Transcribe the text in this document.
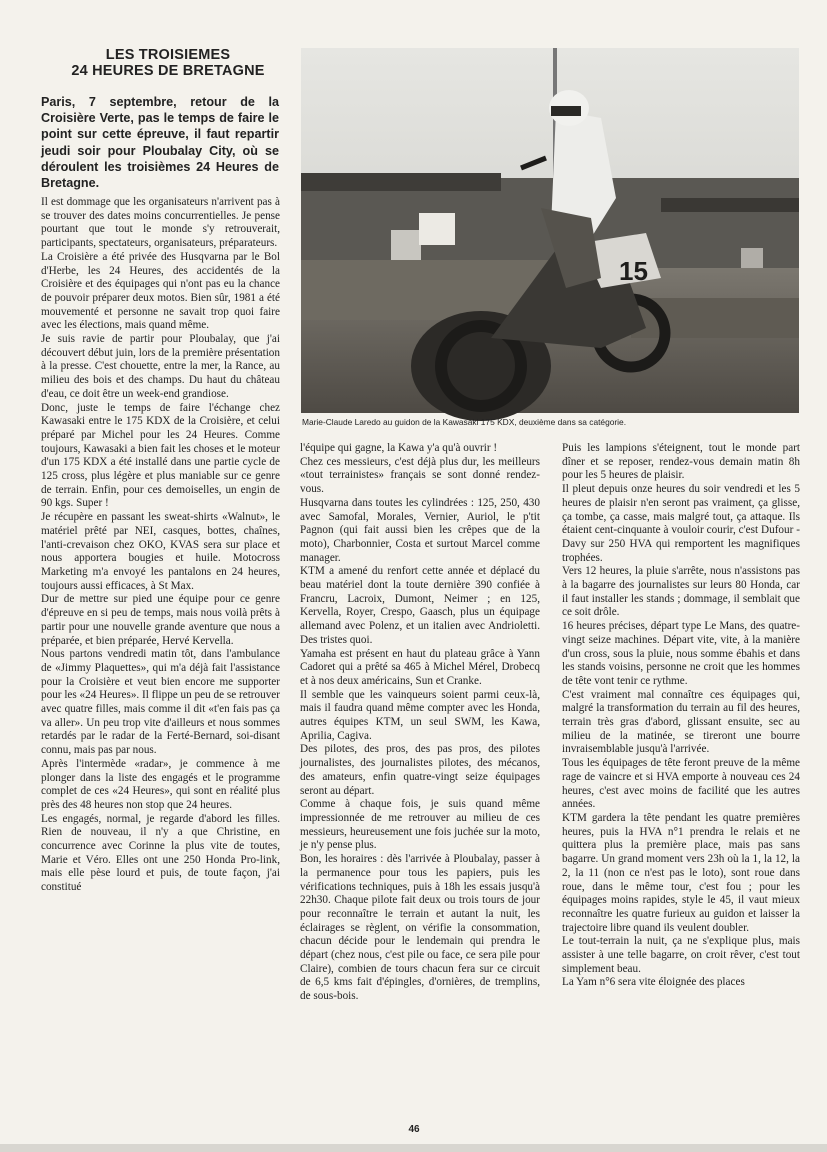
LES TROISIEMES
24 HEURES DE BRETAGNE
Paris, 7 septembre, retour de la Croisière Verte, pas le temps de faire le point sur cette épreuve, il faut repartir jeudi soir pour Ploubalay City, où se déroulent les troisièmes 24 Heures de Bretagne.
15
Marie-Claude Laredo au guidon de la Kawasaki 175 KDX, deuxième dans sa catégorie.

Il est dommage que les organisateurs n'arrivent pas à se trouver des dates moins concurrentielles. Je pense pourtant que tout le monde s'y retrouverait, participants, spectateurs, organisateurs, préparateurs.

La Croisière a été privée des Husqvarna par le Bol d'Herbe, les 24 Heures, des accidentés de la Croisière et des équipages qui n'ont pas eu la chance de pouvoir préparer deux motos. Bien sûr, 1981 a été mouvementé et personne ne savait trop quoi faire avec les élections, mais quand même.

Je suis ravie de partir pour Ploubalay, que j'ai découvert début juin, lors de la première présentation à la presse. C'est chouette, entre la mer, la Rance, au milieu des bois et des champs. Du haut du château d'eau, ce doit être un week-end grandiose.

Donc, juste le temps de faire l'échange chez Kawasaki entre le 175 KDX de la Croisière, et celui préparé par Michel pour les 24 Heures. Comme toujours, Kawasaki a bien fait les choses et le moteur d'un 175 KDX a été installé dans une partie cycle de 125 cross, plus légère et plus maniable sur ce genre de terrain. Enfin, pour ces demoiselles, un engin de 90 kgs. Super !

Je récupère en passant les sweat-shirts «Walnut», le matériel prêté par NEI, casques, bottes, chaînes, l'anti-crevaison chez OKO, KVAS sera sur place et nous apportera bougies et huile. Motocross Marketing m'a envoyé les pantalons en 24 heures, toujours aussi efficaces, à St Max.

Dur de mettre sur pied une équipe pour ce genre d'épreuve en si peu de temps, mais nous voilà prêts à partir pour une nouvelle grande aventure que nous a préparée, et bien préparée, Hervé Kervella.

Nous partons vendredi matin tôt, dans l'ambulance de «Jimmy Plaquettes», qui m'a déjà fait l'assistance pour la Croisière et veut bien encore me supporter pour les «24 Heures». Il flippe un peu de se retrouver avec quatre filles, mais comme il dit «t'en fais pas ça va aller». Un peu trop vite d'ailleurs et nous sommes retardés par le radar de la Ferté-Bernard, soi-disant connu, mais pas par nous.

Après l'intermède «radar», je commence à me plonger dans la liste des engagés et le programme complet de ces «24 Heures», qui sont en réalité plus près des 48 heures non stop que 24 heures.

Les engagés, normal, je regarde d'abord les filles. Rien de nouveau, il n'y a que Christine, en concurrence avec Corinne la plus vite de toutes, Marie et Véro. Elles ont une 250 Honda Pro-link, mais elle pèse lourd et puis, de toute façon, j'ai constitué

l'équipe qui gagne, la Kawa y'a qu'à ouvrir !

Chez ces messieurs, c'est déjà plus dur, les meilleurs «tout terrainistes» français se sont donné rendez-vous.

Husqvarna dans toutes les cylindrées : 125, 250, 430 avec Samofal, Morales, Vernier, Auriol, le p'tit Pagnon (qui fait aussi bien les crêpes que de la moto), Charbonnier, Costa et surtout Marcel comme manager.

KTM a amené du renfort cette année et déplacé du beau matériel dont la toute dernière 390 confiée à Francru, Lacroix, Dumont, Neimer ; en 125, Kervella, Royer, Crespo, Gaasch, plus un équipage allemand avec Polenz, et un italien avec Andrioletti. Des tristes quoi.

Yamaha est présent en haut du plateau grâce à Yann Cadoret qui a prêté sa 465 à Michel Mérel, Drobecq et à nos deux américains, Sun et Cranke.

Il semble que les vainqueurs soient parmi ceux-là, mais il faudra quand même compter avec les Honda, autres équipes KTM, un seul SWM, les Kawa, Aprilia, Cagiva.

Des pilotes, des pros, des pas pros, des pilotes journalistes, des journalistes pilotes, des mécanos, des amateurs, enfin quatre-vingt seize équipages seront au départ.

Comme à chaque fois, je suis quand même impressionnée de me retrouver au milieu de ces messieurs, heureusement une fois juchée sur la moto, je n'y pense plus.

Bon, les horaires : dès l'arrivée à Ploubalay, passer à la permanence pour tous les papiers, puis les vérifications techniques, puis à 18h les essais jusqu'à 22h30. Chaque pilote fait deux ou trois tours de jour pour reconnaître le terrain et autant la nuit, les éclairages se règlent, on vérifie la consommation, chacun décide pour le lendemain qui prendra le départ (chez nous, c'est pile ou face, ce sera pile pour Claire), combien de tours chacun fera sur ce circuit de 6,5 kms fait d'épingles, d'ornières, de tremplins, de sous-bois.

Puis les lampions s'éteignent, tout le monde part dîner et se reposer, rendez-vous demain matin 8h pour les 5 heures de plaisir.

Il pleut depuis onze heures du soir vendredi et les 5 heures de plaisir n'en seront pas vraiment, ça glisse, ça tombe, ça casse, mais malgré tout, ça attaque. Ils étaient cent-cinquante à vouloir courir, c'est Dufour - Davy sur 250 HVA qui remportent les magnifiques trophées.

Vers 12 heures, la pluie s'arrête, nous n'assistons pas à la bagarre des journalistes sur leurs 80 Honda, car il faut installer les stands ; dommage, il semblait que ce soit drôle.

16 heures précises, départ type Le Mans, des quatre-vingt seize machines. Départ vite, vite, à la manière d'un cross, sous la pluie, nous somme ébahis et dans les stands voisins, personne ne croit que les hommes de tête vont tenir ce rythme.

C'est vraiment mal connaître ces équipages qui, malgré la transformation du terrain au fil des heures, terrain très gras d'abord, glissant ensuite, sec au milieu de la matinée, se tireront une bourre invraisemblable jusqu'à l'arrivée.

Tous les équipages de tête feront preuve de la même rage de vaincre et si HVA emporte à nouveau ces 24 heures, c'est avec moins de facilité que les autres années.

KTM gardera la tête pendant les quatre premières heures, puis la HVA n°1 prendra le relais et ne quittera plus la première place, mais pas sans bagarre. Un grand moment vers 23h où la 1, la 12, la 2, la 11 (non ce n'est pas le loto), sont roue dans roue, dans le même tour, c'est fou ; pour les équipages moins rapides, style le 45, il vaut mieux reconnaître les quatre furieux au guidon et laisser la trajectoire libre quand ils veulent doubler.

Le tout-terrain la nuit, ça ne s'explique plus, mais assister à une telle bagarre, on croit rêver, c'est tout simplement beau.

La Yam n°6 sera vite éloignée des places

46
